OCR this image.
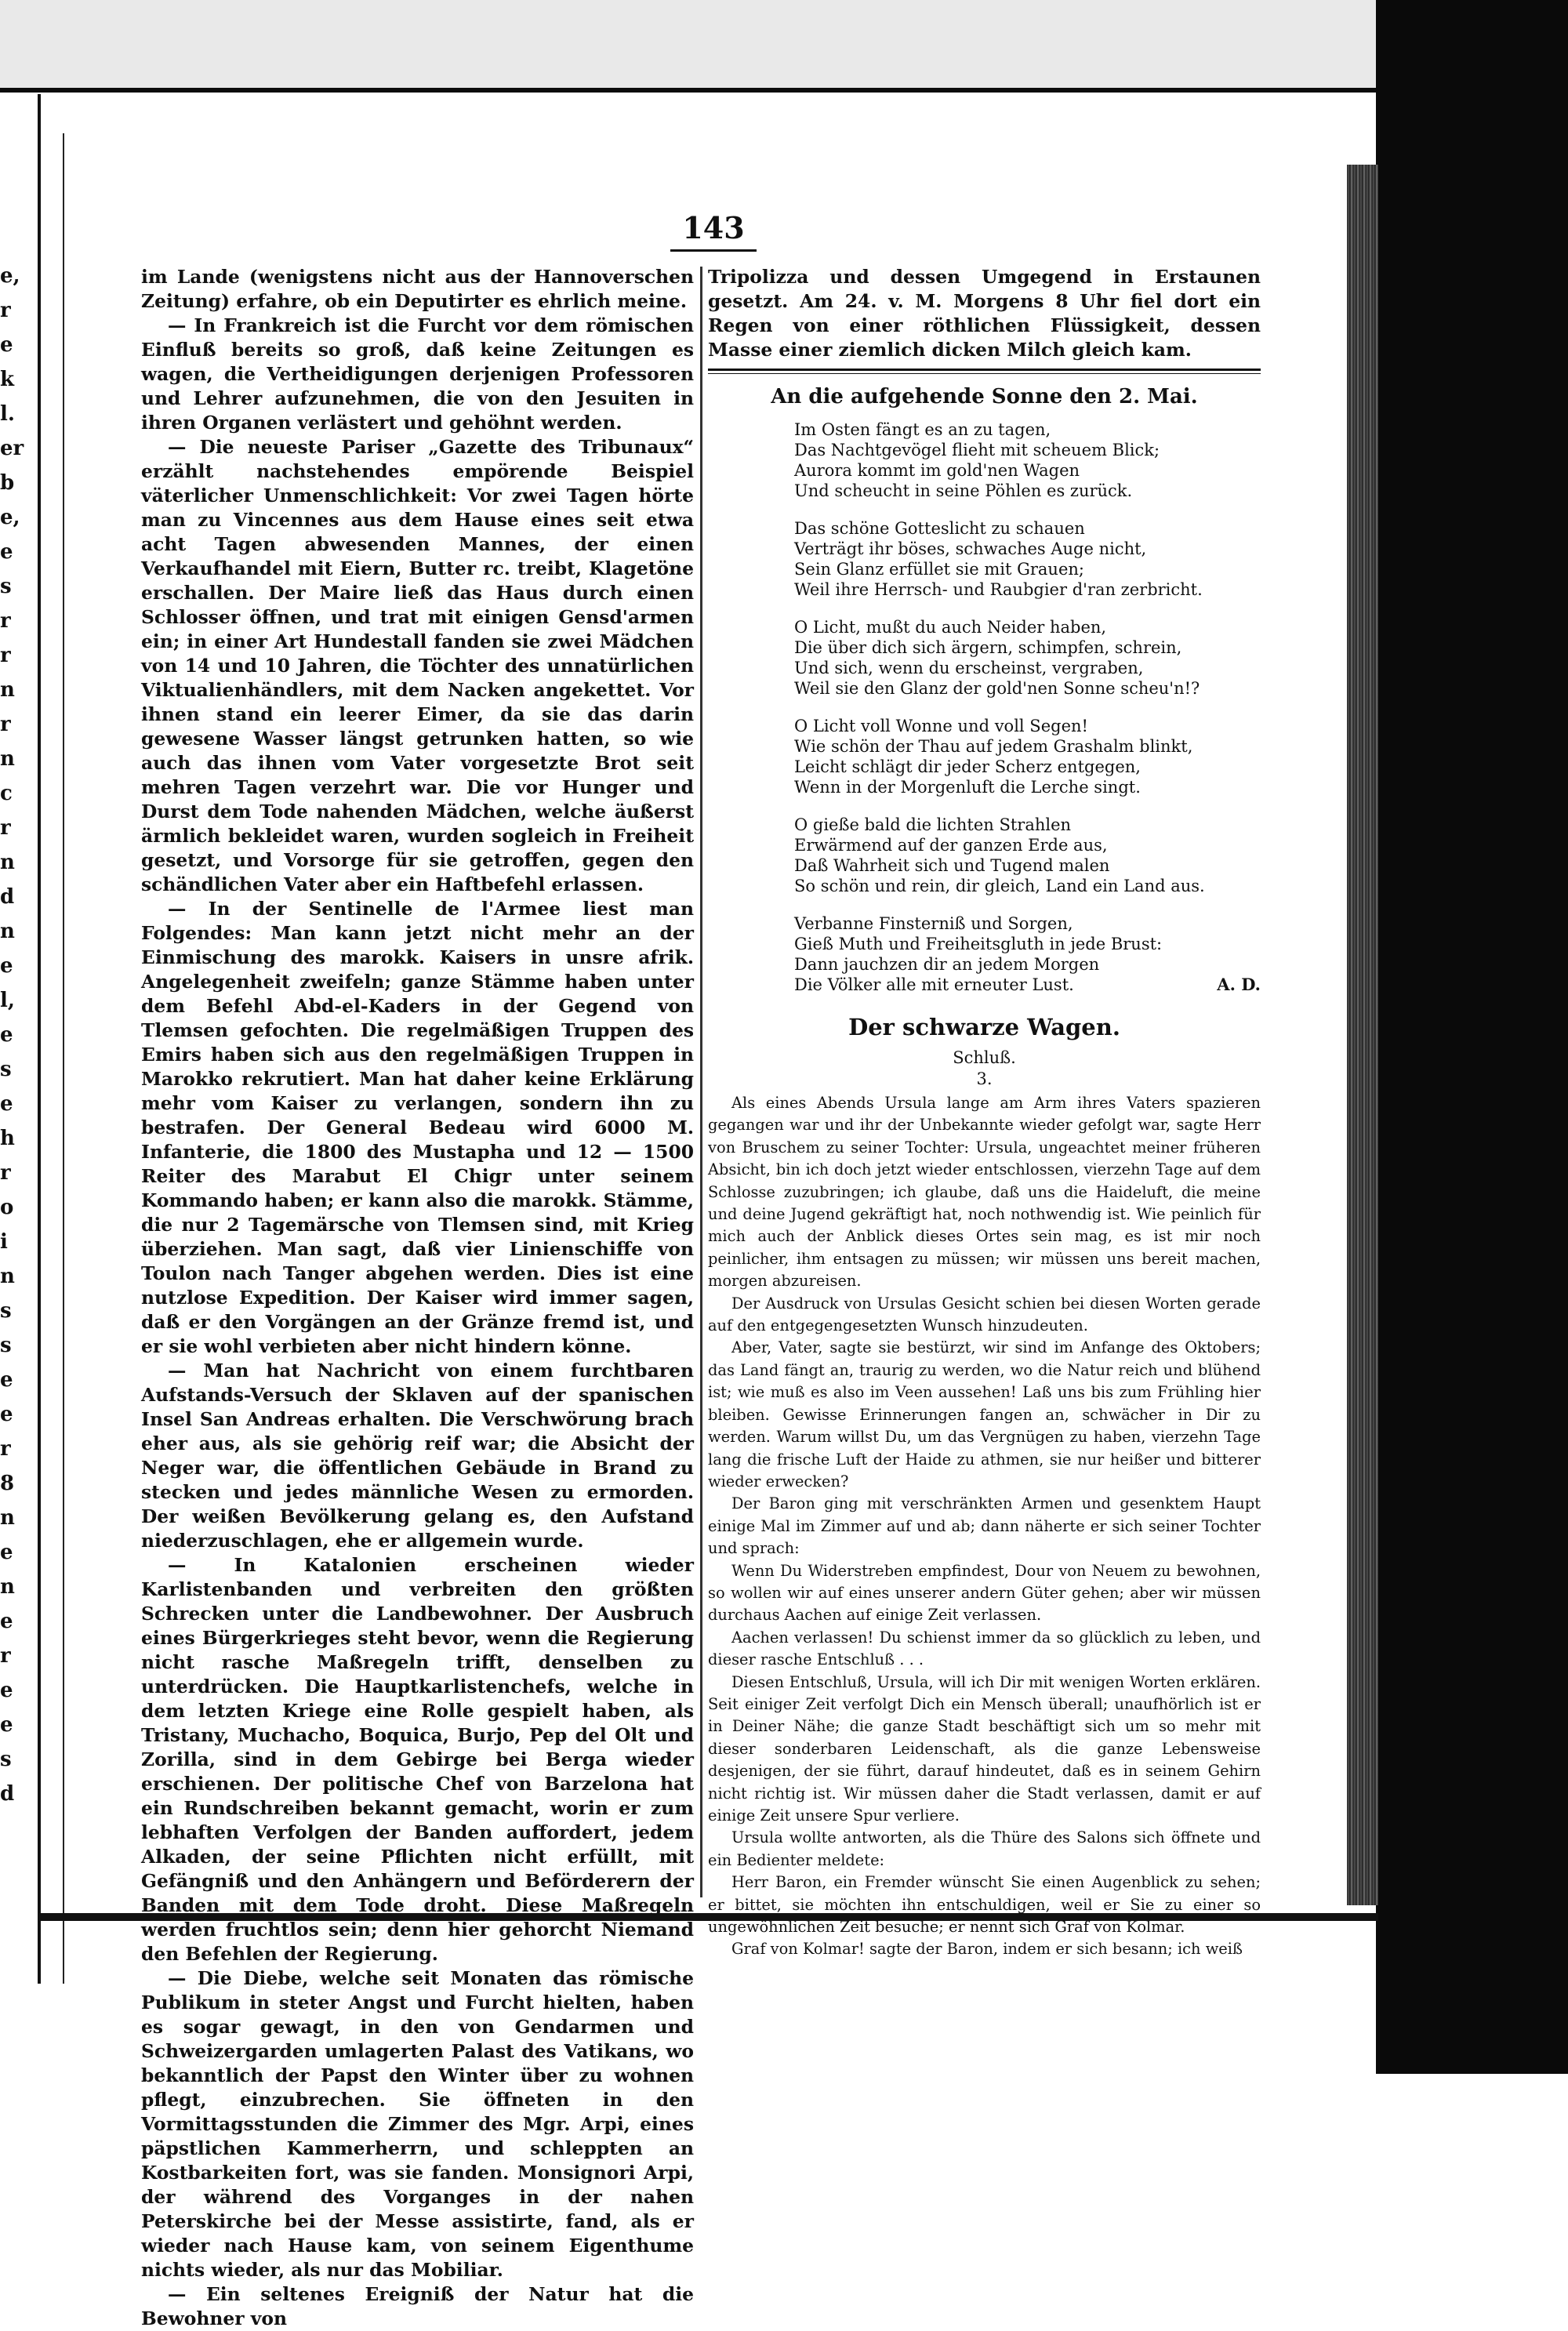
e,
r
e
k
l.
er
b
e,
e
s
r
r
n
r
n
c
r
n
d
n
e
l,
e
s
e
h
r
o
i
n
s
s
e
e
r
8
n
e
n
e
r
e
e
s
d
143

im Lande (wenigstens nicht aus der Hannoverschen Zeitung) erfahre, ob ein Deputirter es ehrlich meine.

— In Frankreich ist die Furcht vor dem römischen Einfluß bereits so groß, daß keine Zeitungen es wagen, die Vertheidigungen derjenigen Professoren und Lehrer aufzunehmen, die von den Jesuiten in ihren Organen verlästert und gehöhnt werden.

— Die neueste Pariser „Gazette des Tribunaux“ erzählt nachstehendes empörende Beispiel väterlicher Unmenschlichkeit: Vor zwei Tagen hörte man zu Vincennes aus dem Hause eines seit etwa acht Tagen abwesenden Mannes, der einen Verkaufhandel mit Eiern, Butter rc. treibt, Klagetöne erschallen. Der Maire ließ das Haus durch einen Schlosser öffnen, und trat mit einigen Gensd'armen ein; in einer Art Hundestall fanden sie zwei Mädchen von 14 und 10 Jahren, die Töchter des unnatürlichen Viktualienhändlers, mit dem Nacken angekettet. Vor ihnen stand ein leerer Eimer, da sie das darin gewesene Wasser längst getrunken hatten, so wie auch das ihnen vom Vater vorgesetzte Brot seit mehren Tagen verzehrt war. Die vor Hunger und Durst dem Tode nahenden Mädchen, welche äußerst ärmlich bekleidet waren, wurden sogleich in Freiheit gesetzt, und Vorsorge für sie getroffen, gegen den schändlichen Vater aber ein Haftbefehl erlassen.

— In der Sentinelle de l'Armee liest man Folgendes: Man kann jetzt nicht mehr an der Einmischung des marokk. Kaisers in unsre afrik. Angelegenheit zweifeln; ganze Stämme haben unter dem Befehl Abd-el-Kaders in der Gegend von Tlemsen gefochten. Die regelmäßigen Truppen des Emirs haben sich aus den regelmäßigen Truppen in Marokko rekrutiert. Man hat daher keine Erklärung mehr vom Kaiser zu verlangen, sondern ihn zu bestrafen. Der General Bedeau wird 6000 M. Infanterie, die 1800 des Mustapha und 12 — 1500 Reiter des Marabut El Chigr unter seinem Kommando haben; er kann also die marokk. Stämme, die nur 2 Tagemärsche von Tlemsen sind, mit Krieg überziehen. Man sagt, daß vier Linienschiffe von Toulon nach Tanger abgehen werden. Dies ist eine nutzlose Expedition. Der Kaiser wird immer sagen, daß er den Vorgängen an der Gränze fremd ist, und er sie wohl verbieten aber nicht hindern könne.

— Man hat Nachricht von einem furchtbaren Aufstands-Versuch der Sklaven auf der spanischen Insel San Andreas erhalten. Die Verschwörung brach eher aus, als sie gehörig reif war; die Absicht der Neger war, die öffentlichen Gebäude in Brand zu stecken und jedes männliche Wesen zu ermorden. Der weißen Bevölkerung gelang es, den Aufstand niederzuschlagen, ehe er allgemein wurde.

— In Katalonien erscheinen wieder Karlistenbanden und verbreiten den größten Schrecken unter die Landbewohner. Der Ausbruch eines Bürgerkrieges steht bevor, wenn die Regierung nicht rasche Maßregeln trifft, denselben zu unterdrücken. Die Hauptkarlistenchefs, welche in dem letzten Kriege eine Rolle gespielt haben, als Tristany, Muchacho, Boquica, Burjo, Pep del Olt und Zorilla, sind in dem Gebirge bei Berga wieder erschienen. Der politische Chef von Barzelona hat ein Rundschreiben bekannt gemacht, worin er zum lebhaften Verfolgen der Banden auffordert, jedem Alkaden, der seine Pflichten nicht erfüllt, mit Gefängniß und den Anhängern und Beförderern der Banden mit dem Tode droht. Diese Maßregeln werden fruchtlos sein; denn hier gehorcht Niemand den Befehlen der Regierung.

— Die Diebe, welche seit Monaten das römische Publikum in steter Angst und Furcht hielten, haben es sogar gewagt, in den von Gendarmen und Schweizergarden umlagerten Palast des Vatikans, wo bekanntlich der Papst den Winter über zu wohnen pflegt, einzubrechen. Sie öffneten in den Vormittagsstunden die Zimmer des Mgr. Arpi, eines päpstlichen Kammerherrn, und schleppten an Kostbarkeiten fort, was sie fanden. Monsignori Arpi, der während des Vorganges in der nahen Peterskirche bei der Messe assistirte, fand, als er wieder nach Hause kam, von seinem Eigenthume nichts wieder, als nur das Mobiliar.

— Ein seltenes Ereigniß der Natur hat die Bewohner von

Tripolizza und dessen Umgegend in Erstaunen gesetzt. Am 24. v. M. Morgens 8 Uhr fiel dort ein Regen von einer röthlichen Flüssigkeit, dessen Masse einer ziemlich dicken Milch gleich kam.

An die aufgehende Sonne den 2. Mai.

Im Osten fängt es an zu tagen,

Das Nachtgevögel flieht mit scheuem Blick;

Aurora kommt im gold'nen Wagen

Und scheucht in seine Pöhlen es zurück.

Das schöne Gotteslicht zu schauen

Verträgt ihr böses, schwaches Auge nicht,

Sein Glanz erfüllet sie mit Grauen;

Weil ihre Herrsch- und Raubgier d'ran zerbricht.

O Licht, mußt du auch Neider haben,

Die über dich sich ärgern, schimpfen, schrein,

Und sich, wenn du erscheinst, vergraben,

Weil sie den Glanz der gold'nen Sonne scheu'n!?

O Licht voll Wonne und voll Segen!

Wie schön der Thau auf jedem Grashalm blinkt,

Leicht schlägt dir jeder Scherz entgegen,

Wenn in der Morgenluft die Lerche singt.

O gieße bald die lichten Strahlen

Erwärmend auf der ganzen Erde aus,

Daß Wahrheit sich und Tugend malen

So schön und rein, dir gleich, Land ein Land aus.

Verbanne Finsterniß und Sorgen,

Gieß Muth und Freiheitsgluth in jede Brust:

Dann jauchzen dir an jedem Morgen

Die Völker alle mit erneuter Lust.	A. D.

Der schwarze Wagen.

Schluß.

3.

Als eines Abends Ursula lange am Arm ihres Vaters spazieren gegangen war und ihr der Unbekannte wieder gefolgt war, sagte Herr von Bruschem zu seiner Tochter: Ursula, ungeachtet meiner früheren Absicht, bin ich doch jetzt wieder entschlossen, vierzehn Tage auf dem Schlosse zuzubringen; ich glaube, daß uns die Haideluft, die meine und deine Jugend gekräftigt hat, noch nothwendig ist. Wie peinlich für mich auch der Anblick dieses Ortes sein mag, es ist mir noch peinlicher, ihm entsagen zu müssen; wir müssen uns bereit machen, morgen abzureisen.

Der Ausdruck von Ursulas Gesicht schien bei diesen Worten gerade auf den entgegengesetzten Wunsch hinzudeuten.

Aber, Vater, sagte sie bestürzt, wir sind im Anfange des Oktobers; das Land fängt an, traurig zu werden, wo die Natur reich und blühend ist; wie muß es also im Veen aussehen! Laß uns bis zum Frühling hier bleiben. Gewisse Erinnerungen fangen an, schwächer in Dir zu werden. Warum willst Du, um das Vergnügen zu haben, vierzehn Tage lang die frische Luft der Haide zu athmen, sie nur heißer und bitterer wieder erwecken?

Der Baron ging mit verschränkten Armen und gesenktem Haupt einige Mal im Zimmer auf und ab; dann näherte er sich seiner Tochter und sprach:

Wenn Du Widerstreben empfindest, Dour von Neuem zu bewohnen, so wollen wir auf eines unserer andern Güter gehen; aber wir müssen durchaus Aachen auf einige Zeit verlassen.

Aachen verlassen! Du schienst immer da so glücklich zu leben, und dieser rasche Entschluß . . .

Diesen Entschluß, Ursula, will ich Dir mit wenigen Worten erklären. Seit einiger Zeit verfolgt Dich ein Mensch überall; unaufhörlich ist er in Deiner Nähe; die ganze Stadt beschäftigt sich um so mehr mit dieser sonderbaren Leidenschaft, als die ganze Lebensweise desjenigen, der sie führt, darauf hindeutet, daß es in seinem Gehirn nicht richtig ist. Wir müssen daher die Stadt verlassen, damit er auf einige Zeit unsere Spur verliere.

Ursula wollte antworten, als die Thüre des Salons sich öffnete und ein Bedienter meldete:

Herr Baron, ein Fremder wünscht Sie einen Augenblick zu sehen; er bittet, sie möchten ihn entschuldigen, weil er Sie zu einer so ungewöhnlichen Zeit besuche; er nennt sich Graf von Kolmar.

Graf von Kolmar! sagte der Baron, indem er sich besann; ich weiß
